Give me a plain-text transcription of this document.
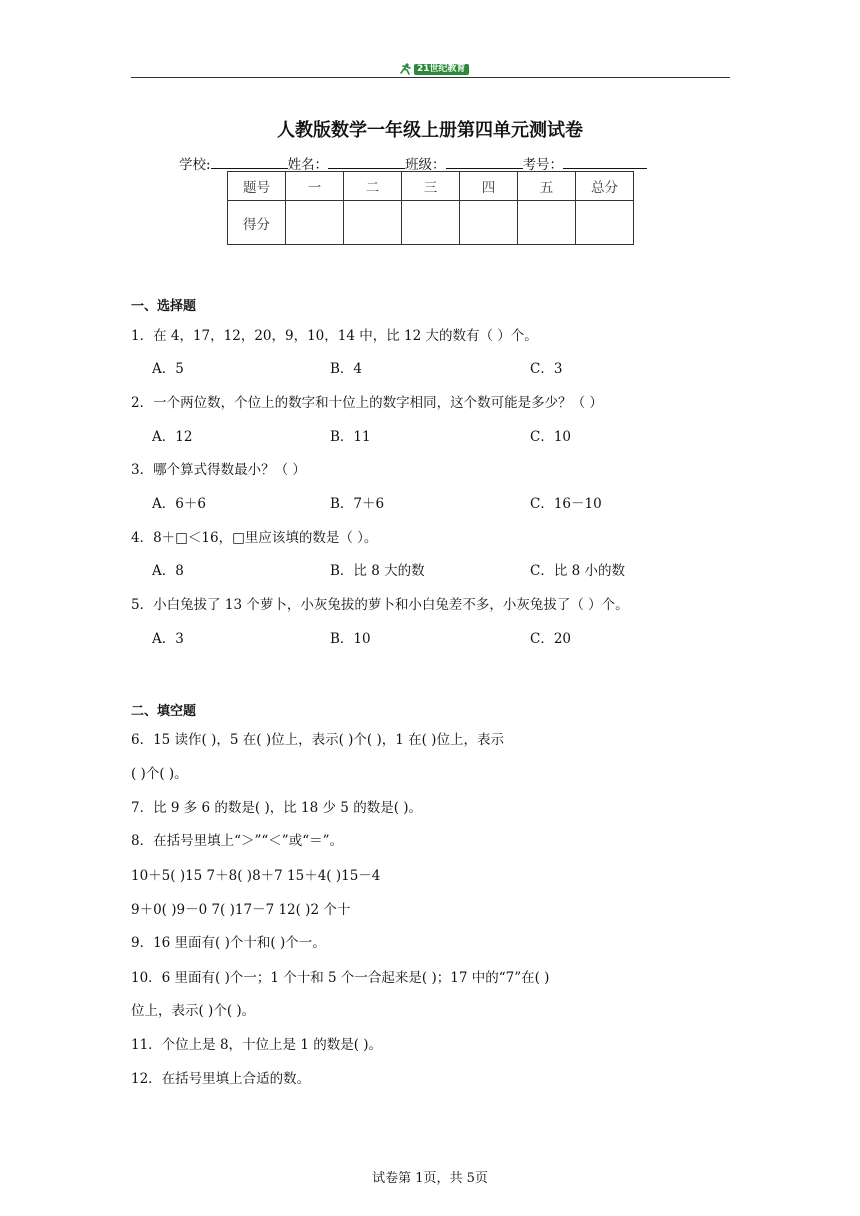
21世纪教育
人教版数学一年级上册第四单元测试卷
学校:	姓名：	班级：	考号：
题号	一	二	三	四	五	总分
得分						
一、选择题
1．在 4，17，12，20，9，10，14 中，比 12 大的数有（ ）个。
A．5	B．4	C．3
2．一个两位数，个位上的数字和十位上的数字相同，这个数可能是多少？（ ）
A．12	B．11	C．10
3．哪个算式得数最小？（ ）
A．6＋6	B．7＋6	C．16－10
4．8＋□＜16，□里应该填的数是（ ）。
A．8	B．比 8 大的数	C．比 8 小的数
5．小白兔拔了 13 个萝卜，小灰兔拔的萝卜和小白兔差不多，小灰兔拔了（ ）个。
A．3	B．10	C．20
二、填空题
6．15 读作( )，5 在( )位上，表示( )个( )，1 在( )位上，表示
( )个( )。
7．比 9 多 6 的数是( )，比 18 少 5 的数是( )。
8．在括号里填上“＞”“＜”或“＝”。
10＋5( )15 7＋8( )8＋7 15＋4( )15－4
9＋0( )9－0 7( )17－7 12( )2 个十
9．16 里面有( )个十和( )个一。
10．6 里面有( )个一；1 个十和 5 个一合起来是( )；17 中的“7”在( )
位上，表示( )个( )。
11．个位上是 8，十位上是 1 的数是( )。
12．在括号里填上合适的数。
试卷第 1页，共 5页
